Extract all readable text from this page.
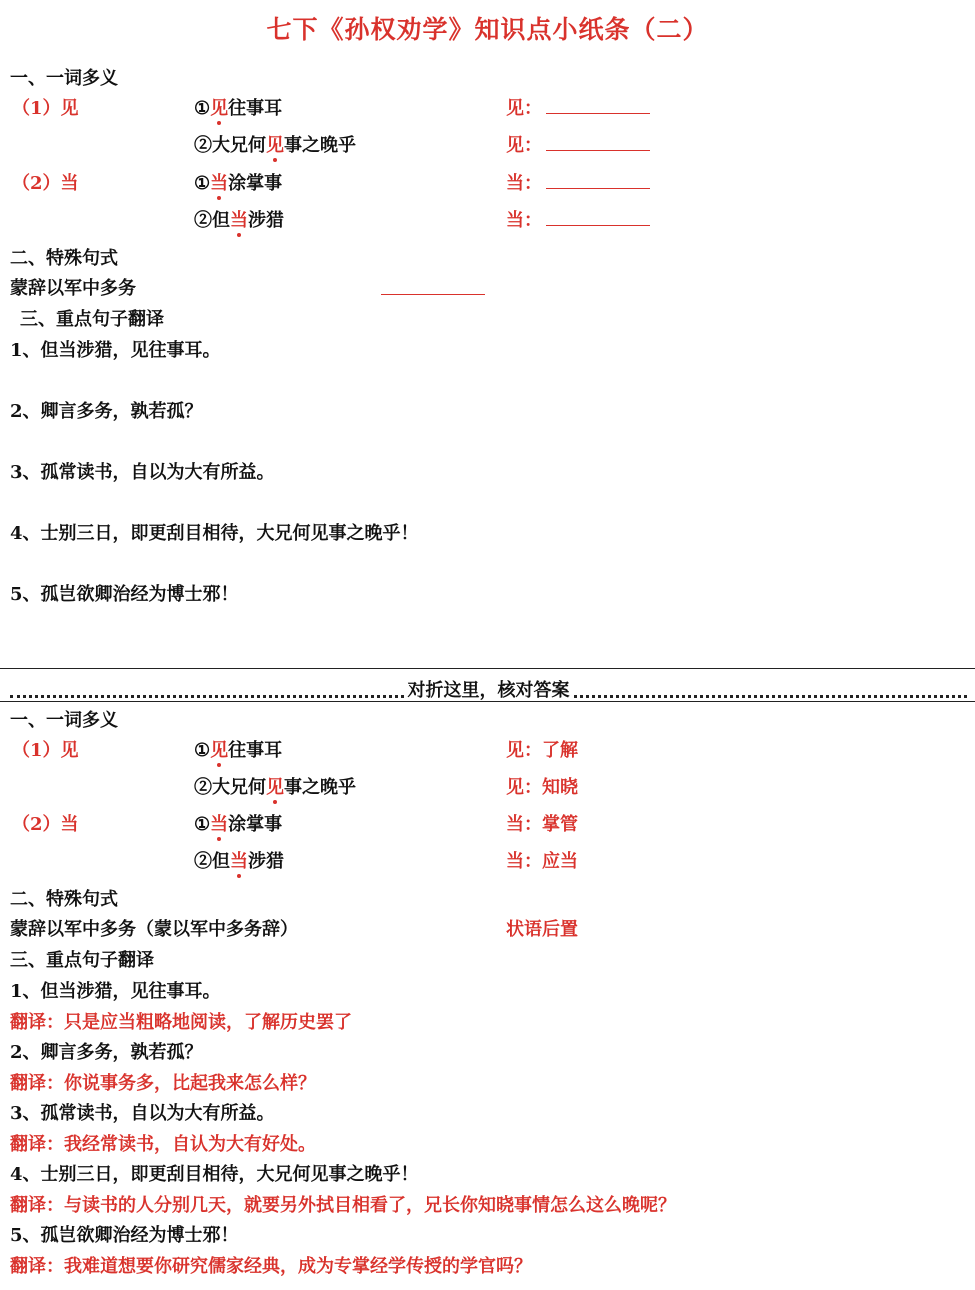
七下《孙权劝学》知识点小纸条（二）
一、一词多义
（1）见	①见往事耳	见：
②大兄何见事之晚乎	见：
（2）当	①当涂掌事	当：
②但当涉猎	当：
二、特殊句式
蒙辞以军中多务
三、重点句子翻译
1、但当涉猎，见往事耳。
2、卿言多务，孰若孤？
3、孤常读书，自以为大有所益。
4、士别三日，即更刮目相待，大兄何见事之晚乎！
5、孤岂欲卿治经为博士邪！
对折这里，核对答案
一、一词多义
（1）见	①见往事耳	见：了解
②大兄何见事之晚乎	见：知晓
（2）当	①当涂掌事	当：掌管
②但当涉猎	当：应当
二、特殊句式
蒙辞以军中多务（蒙以军中多务辞）	状语后置
三、重点句子翻译
1、但当涉猎，见往事耳。
翻译：只是应当粗略地阅读，了解历史罢了
2、卿言多务，孰若孤？
翻译：你说事务多，比起我来怎么样？
3、孤常读书，自以为大有所益。
翻译：我经常读书，自认为大有好处。
4、士别三日，即更刮目相待，大兄何见事之晚乎！
翻译：与读书的人分别几天，就要另外拭目相看了，兄长你知晓事情怎么这么晚呢？
5、孤岂欲卿治经为博士邪！
翻译：我难道想要你研究儒家经典，成为专掌经学传授的学官吗？
